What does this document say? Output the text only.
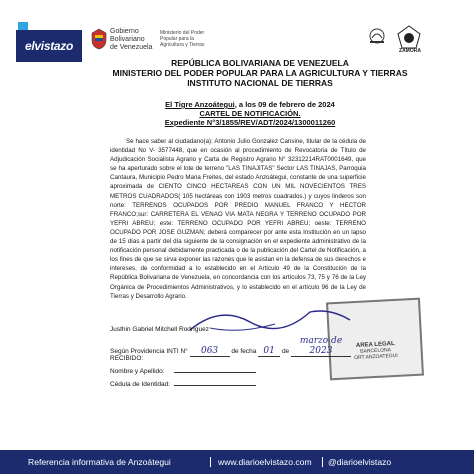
elvistazo
Gobierno Bolivariano de Venezuela
Ministerio del Poder Popular para la Agricultura y Tierras
ZAMORA
REPÚBLICA BOLIVARIANA DE VENEZUELA
MINISTERIO DEL PODER POPULAR PARA LA AGRICULTURA Y TIERRAS
INSTITUTO NACIONAL DE TIERRAS
El Tigre Anzoátegui, a los 09 de febrero de 2024
CARTEL DE NOTIFICACIÓN.
Expediente N°3/1855/REV/ADT/2024/1300011260

Se hace saber al ciudadano(a): Antonio Julio Gonzalez Cansine, titular de la cédula de identidad No V- 3577448, que en ocasión al procedimiento de Revocatoria de Título de Adjudicación Socialista Agrario y Carta de Registro Agrario N° 32312214RAT0001649, que se ha aperturado sobre el lote de terreno "LAS TINAJITAS" Sector LAS TINAJAS, Parroquia Cantaura, Municipio Pedro Maria Freites, del estado Anzoátegui, constante de una superficie aproximada de CIENTO CINCO HECTAREAS CON UN MIL NOVECIENTOS TRES METROS CUADRADOS( 105 hectáreas con 1903 metros cuadrados.) y cuyos linderos son norte: TERRENOS OCUPADOS POR PREDIO MANUEL FRANCO Y HECTOR FRANCO;sur: CARRETERA EL VENAO VIA MATA NEGRA Y TERRENO OCUPADO POR YEFRI ABREU; este: TERRENO OCUPADO POR YEFRI ABREU; oeste: TERRENO OCUPADO POR JOSE GUZMAN; deberá comparecer por ante esta Institución en un lapso de 15 días a partir del día siguiente de la consignación en el expediente administrativo de la notificación personal debidamente practicada o de la publicación del Cartel de Notificación, a los fines de que se sirva exponer las razones que le asistan en la defensa de sus derechos e intereses, de conformidad a lo establecido en el Artículo 49 de la Constitución de la República Bolivariana de Venezuela, en concordancia con los artículos 73, 75 y 76 de la Ley Orgánica de Procedimientos Administrativos, y lo establecido en el artículo 96 de la Ley de Tierras y Desarrollo Agrario.

AREA LEGAL
BARCELONA
ORT ANZOATEGUI
Justhin Gabriel Mitchell Rodríguez
Según Providencia INTI N° 063 de fecha 01 de marzo de 2023
RECIBIDO:
Nombre y Apellido:
Cédula de Identidad:
Referencia informativa de Anzoátegui	www.diarioelvistazo.com @diarioelvistazo
